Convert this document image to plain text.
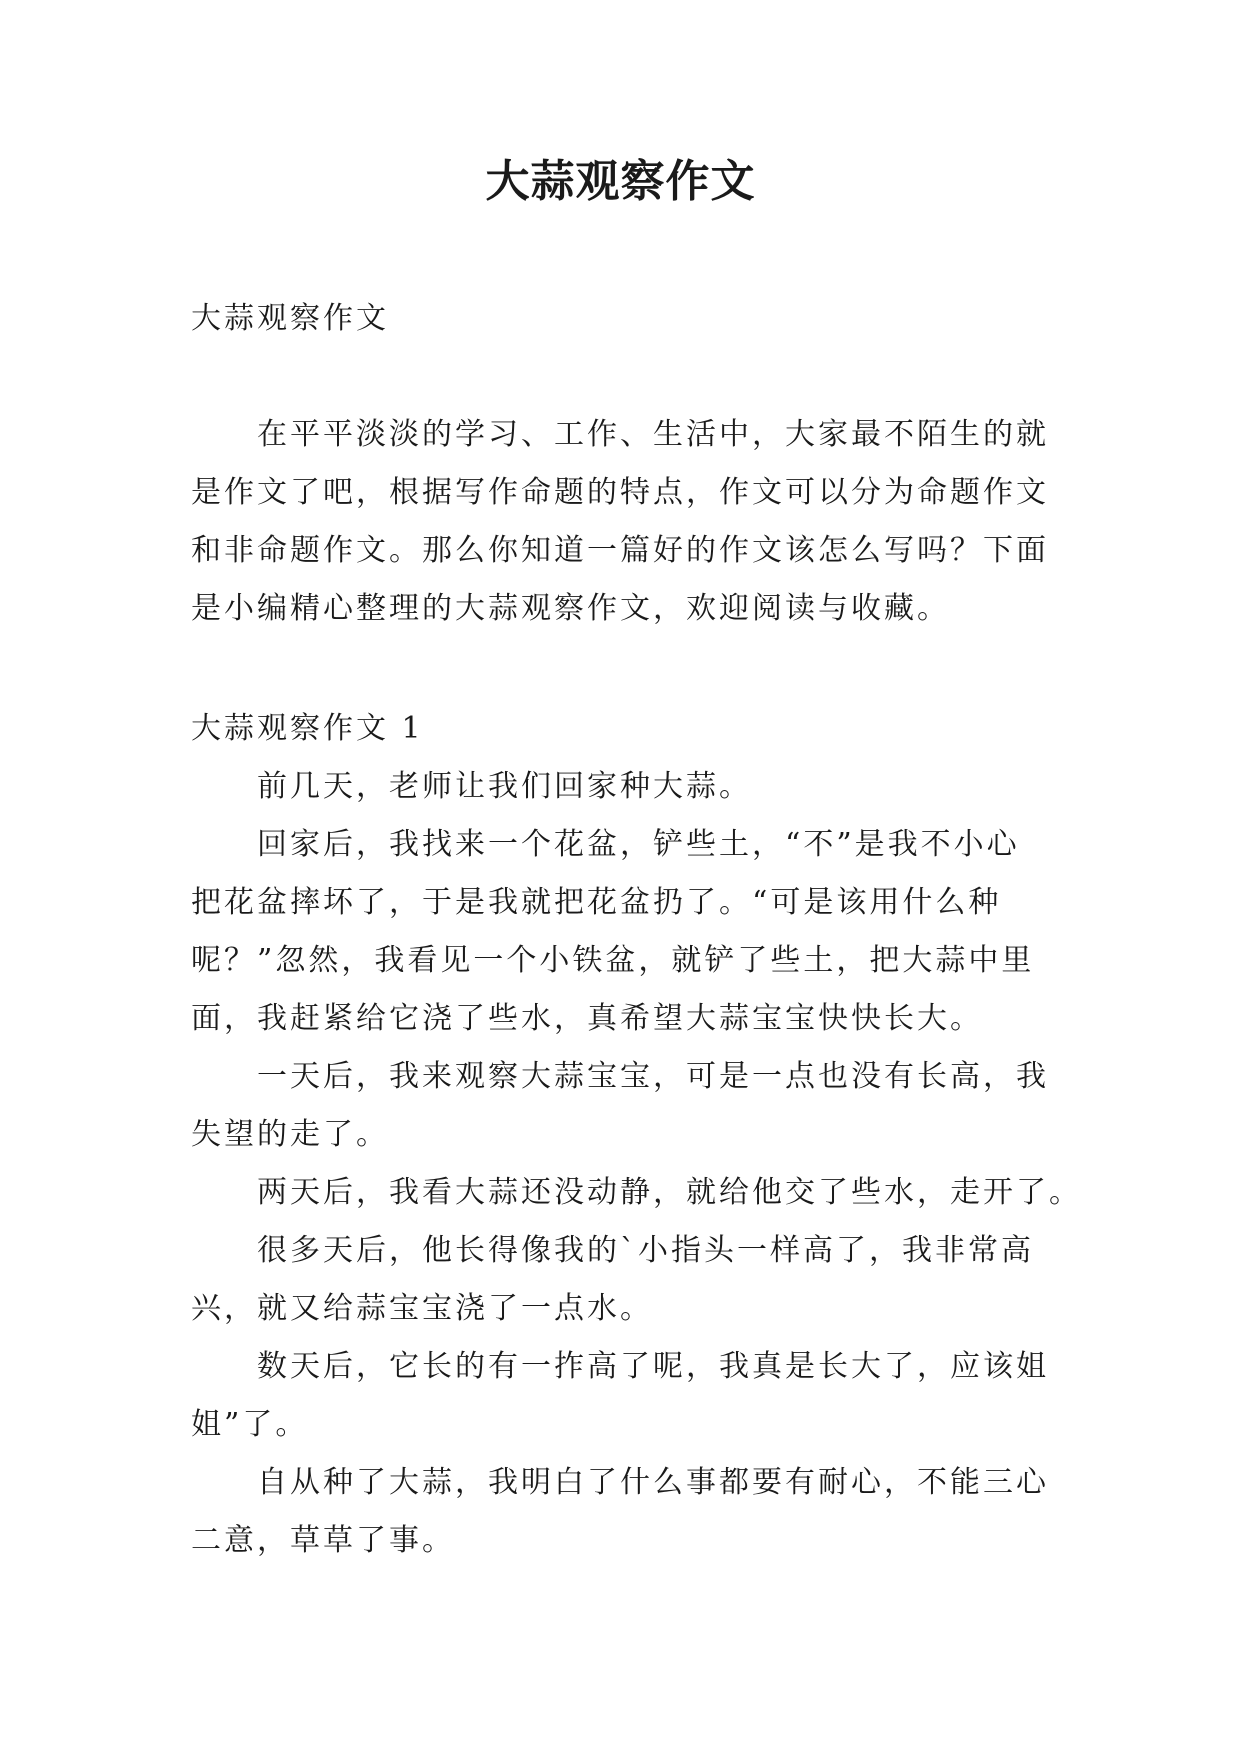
大蒜观察作文
大蒜观察作文
在平平淡淡的学习、工作、生活中，大家最不陌生的就
是作文了吧，根据写作命题的特点，作文可以分为命题作文
和非命题作文。那么你知道一篇好的作文该怎么写吗？下面
是小编精心整理的大蒜观察作文，欢迎阅读与收藏。
大蒜观察作文 1
前几天，老师让我们回家种大蒜。
回家后，我找来一个花盆，铲些土，“不”是我不小心
把花盆摔坏了，于是我就把花盆扔了。“可是该用什么种
呢？”忽然，我看见一个小铁盆，就铲了些土，把大蒜中里
面，我赶紧给它浇了些水，真希望大蒜宝宝快快长大。
一天后，我来观察大蒜宝宝，可是一点也没有长高，我
失望的走了。
两天后，我看大蒜还没动静，就给他交了些水，走开了。
很多天后，他长得像我的`小指头一样高了，我非常高
兴，就又给蒜宝宝浇了一点水。
数天后，它长的有一拃高了呢，我真是长大了，应该姐
姐”了。
自从种了大蒜，我明白了什么事都要有耐心，不能三心
二意，草草了事。
